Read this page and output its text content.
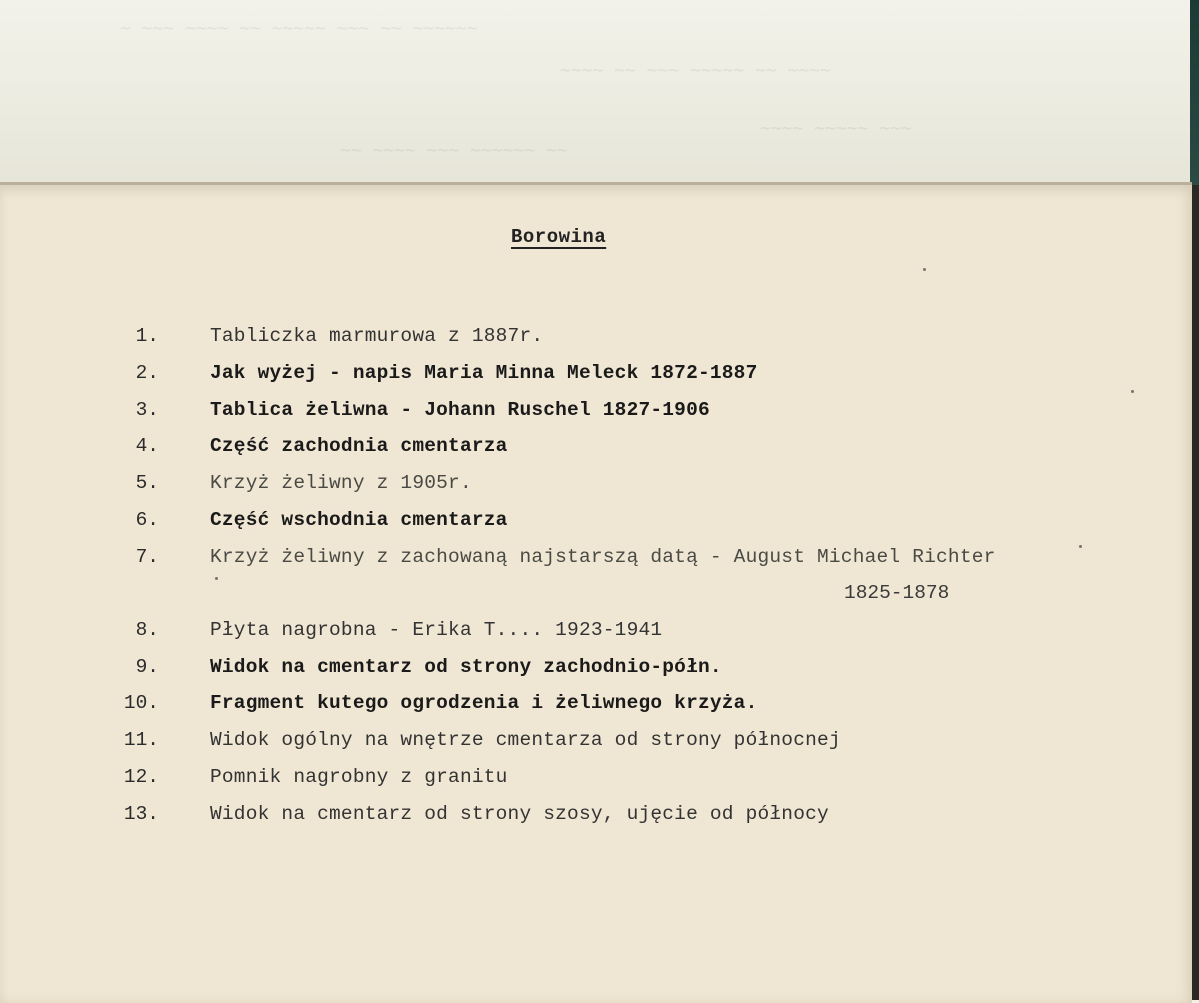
~ ~~~ ~~~~ ~~ ~~~~~ ~~~ ~~ ~~~~~~
~~~~ ~~ ~~~ ~~~~~ ~~ ~~~~
~~~~ ~~~~~ ~~~
~~ ~~~~ ~~~ ~~~~~~ ~~
Borowina
1.	Tabliczka marmurowa z 1887r.
2.	Jak wyżej - napis Maria Minna Meleck 1872-1887
3.	Tablica żeliwna - Johann Ruschel 1827-1906
4.	Część zachodnia cmentarza
5.	Krzyż żeliwny z 1905r.
6.	Część wschodnia cmentarza
7.	Krzyż żeliwny z zachowaną najstarszą datą - August Michael Richter
1825-1878
8.	Płyta nagrobna - Erika T.... 1923-1941
9.	Widok na cmentarz od strony zachodnio-półn.
10.	Fragment kutego ogrodzenia i żeliwnego krzyża.
11.	Widok ogólny na wnętrze cmentarza od strony północnej
12.	Pomnik nagrobny z granitu
13.	Widok na cmentarz od strony szosy, ujęcie od północy
